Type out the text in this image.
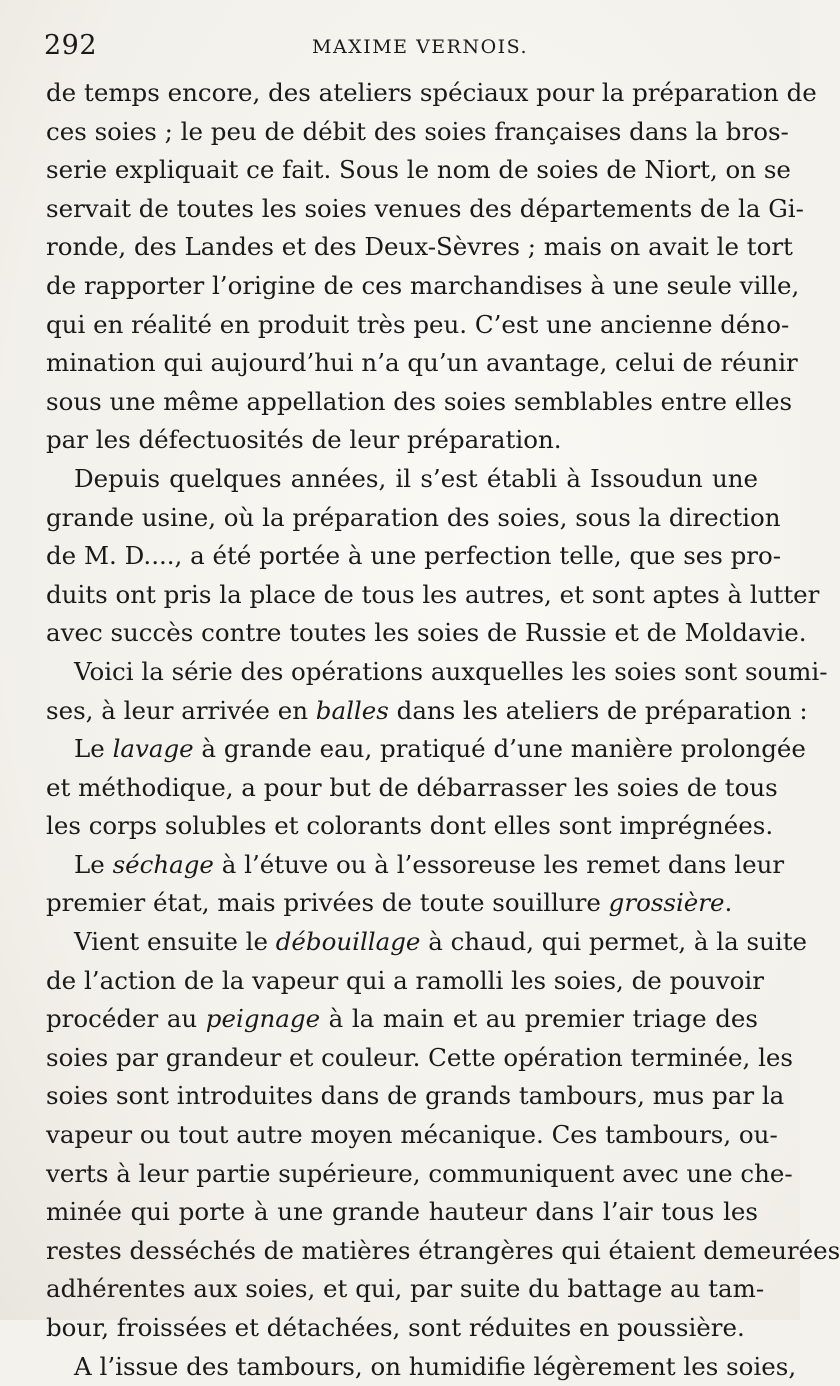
292	MAXIME VERNOIS.
de temps encore, des ateliers spéciaux pour la préparation de
ces soies ; le peu de débit des soies françaises dans la bros-
serie expliquait ce fait. Sous le nom de soies de Niort, on se
servait de toutes les soies venues des départements de la Gi-
ronde, des Landes et des Deux-Sèvres ; mais on avait le tort
de rapporter l’origine de ces marchandises à une seule ville,
qui en réalité en produit très peu. C’est une ancienne déno-
mination qui aujourd’hui n’a qu’un avantage, celui de réunir
sous une même appellation des soies semblables entre elles
par les défectuosités de leur préparation.
Depuis quelques années, il s’est établi à Issoudun une
grande usine, où la préparation des soies, sous la direction
de M. D...., a été portée à une perfection telle, que ses pro-
duits ont pris la place de tous les autres, et sont aptes à lutter
avec succès contre toutes les soies de Russie et de Moldavie.
Voici la série des opérations auxquelles les soies sont soumi-
ses, à leur arrivée en balles dans les ateliers de préparation :
Le lavage à grande eau, pratiqué d’une manière prolongée
et méthodique, a pour but de débarrasser les soies de tous
les corps solubles et colorants dont elles sont imprégnées.
Le séchage à l’étuve ou à l’essoreuse les remet dans leur
premier état, mais privées de toute souillure grossière.
Vient ensuite le débouillage à chaud, qui permet, à la suite
de l’action de la vapeur qui a ramolli les soies, de pouvoir
procéder au peignage à la main et au premier triage des
soies par grandeur et couleur. Cette opération terminée, les
soies sont introduites dans de grands tambours, mus par la
vapeur ou tout autre moyen mécanique. Ces tambours, ou-
verts à leur partie supérieure, communiquent avec une che-
minée qui porte à une grande hauteur dans l’air tous les
restes desséchés de matières étrangères qui étaient demeurées
adhérentes aux soies, et qui, par suite du battage au tam-
bour, froissées et détachées, sont réduites en poussière.
A l’issue des tambours, on humidifie légèrement les soies,
